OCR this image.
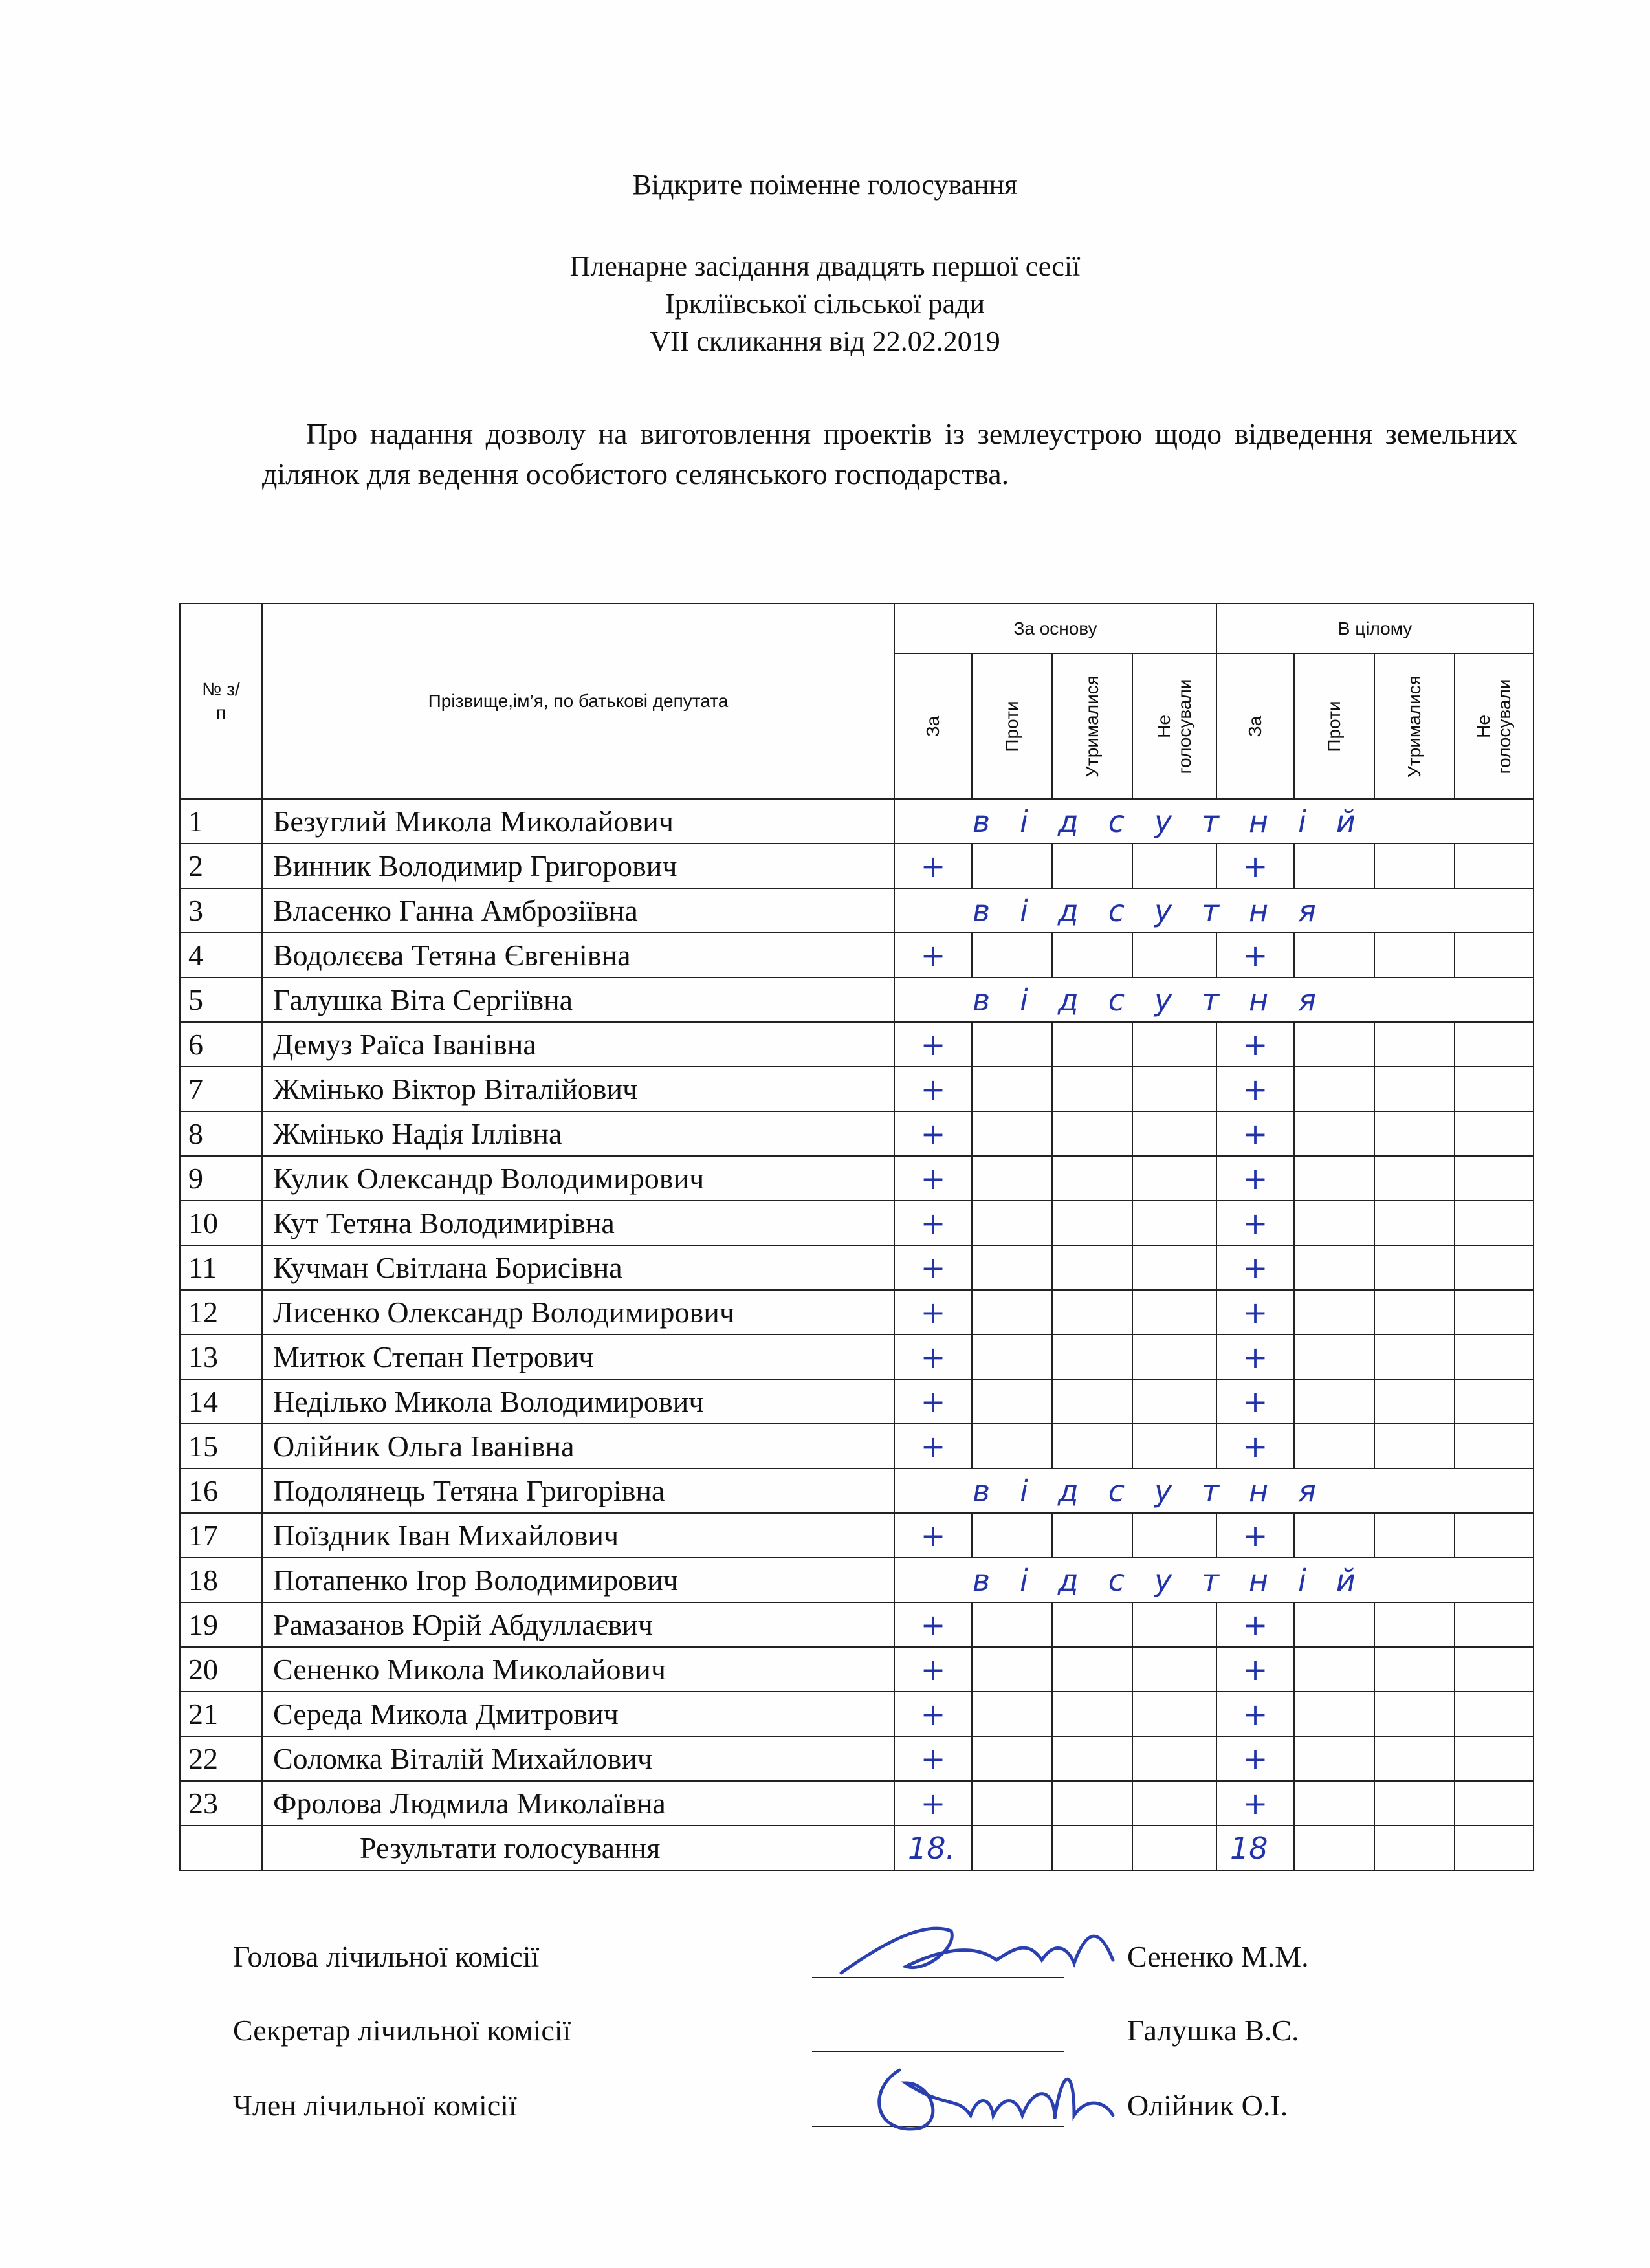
Відкрите поіменне голосування
Пленарне засідання двадцять першої сесії
Ірклiївської сільської ради
VII скликання від 22.02.2019
Про надання дозволу на виготовлення проектів із землеустрою щодо відведення земельних ділянок для ведення особистого селянського господарства.
№ з/п	Прізвище,ім’я, по батькові депутата	За основу				В цілому			

		За	Проти	Утрималися	Не голосували	За	Проти	Утрималися	Не голосували

1	Безуглий Микола Миколайович	відсутній							
2	Винник Володимир Григорович	+				+			
3	Власенко Ганна Амброзіївна	відсутня							
4	Водолєєва Тетяна Євгенівна	+				+			
5	Галушка Віта Сергіївна	відсутня							
6	Демуз Раїса Іванівна	+				+			
7	Жмінько Віктор Віталійович	+				+			
8	Жмінько Надія Іллівна	+				+			
9	Кулик Олександр Володимирович	+				+			
10	Кут Тетяна Володимирівна	+				+			
11	Кучман Світлана Борисівна	+				+			
12	Лисенко Олександр Володимирович	+				+			
13	Митюк Степан Петрович	+				+			
14	Неділько Микола Володимирович	+				+			
15	Олійник Ольга Іванівна	+				+			
16	Подолянець Тетяна Григорівна	відсутня							
17	Поїздник Іван Михайлович	+				+			
18	Потапенко Ігор Володимирович	відсутній							
19	Рамазанов Юрій Абдуллаєвич	+				+			
20	Сененко Микола Миколайович	+				+			
21	Середа Микола Дмитрович	+				+			
22	Соломка Віталій Михайлович	+				+			
23	Фролова Людмила Миколаївна	+				+			
	Результати голосування	18.				18			
Голова лічильної комісії	Сененко М.М.
Секретар лічильної комісії	Галушка В.С.
Член лічильної комісії	Олійник О.І.
